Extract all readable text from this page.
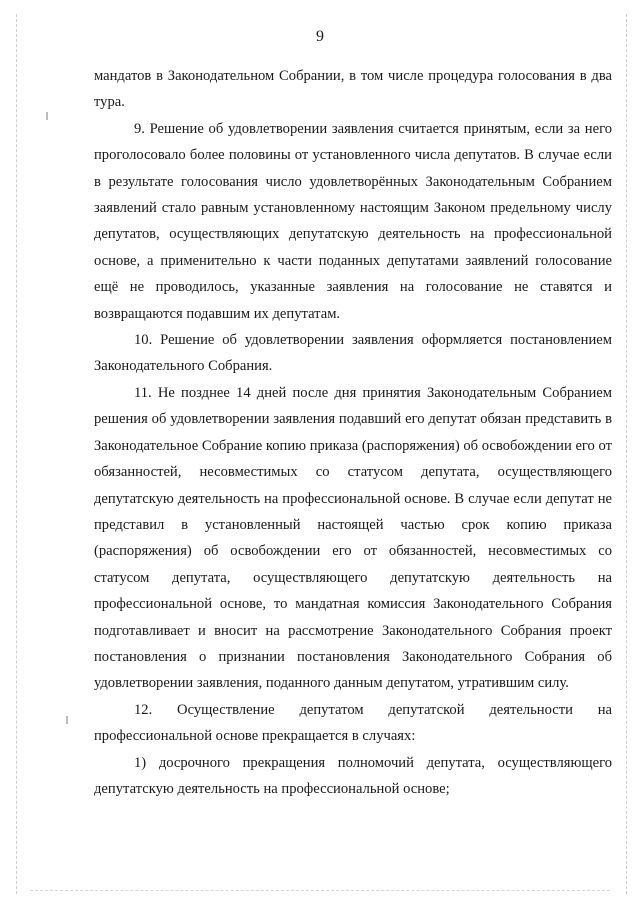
9

мандатов в Законодательном Собрании, в том числе процедура голосования в два тура.

9. Решение об удовлетворении заявления считается принятым, если за него проголосовало более половины от установленного числа депутатов. В случае если в результате голосования число удовлетворённых Законодательным Собранием заявлений стало равным установленному настоящим Законом предельному числу депутатов, осуществляющих депутатскую деятельность на профессиональной основе, а применительно к части поданных депутатами заявлений голосование ещё не проводилось, указанные заявления на голосование не ставятся и возвращаются подавшим их депутатам.

10. Решение об удовлетворении заявления оформляется постановлением Законодательного Собрания.

11. Не позднее 14 дней после дня принятия Законодательным Собранием решения об удовлетворении заявления подавший его депутат обязан представить в Законодательное Собрание копию приказа (распоряжения) об освобождении его от обязанностей, несовместимых со статусом депутата, осуществляющего депутатскую деятельность на профессиональной основе. В случае если депутат не представил в установленный настоящей частью срок копию приказа (распоряжения) об освобождении его от обязанностей, несовместимых со статусом депутата, осуществляющего депутатскую деятельность на профессиональной основе, то мандатная комиссия Законодательного Собрания подготавливает и вносит на рассмотрение Законодательного Собрания проект постановления о признании постановления Законодательного Собрания об удовлетворении заявления, поданного данным депутатом, утратившим силу.

12. Осуществление депутатом депутатской деятельности на профессиональной основе прекращается в случаях:

1) досрочного прекращения полномочий депутата, осуществляющего депутатскую деятельность на профессиональной основе;
